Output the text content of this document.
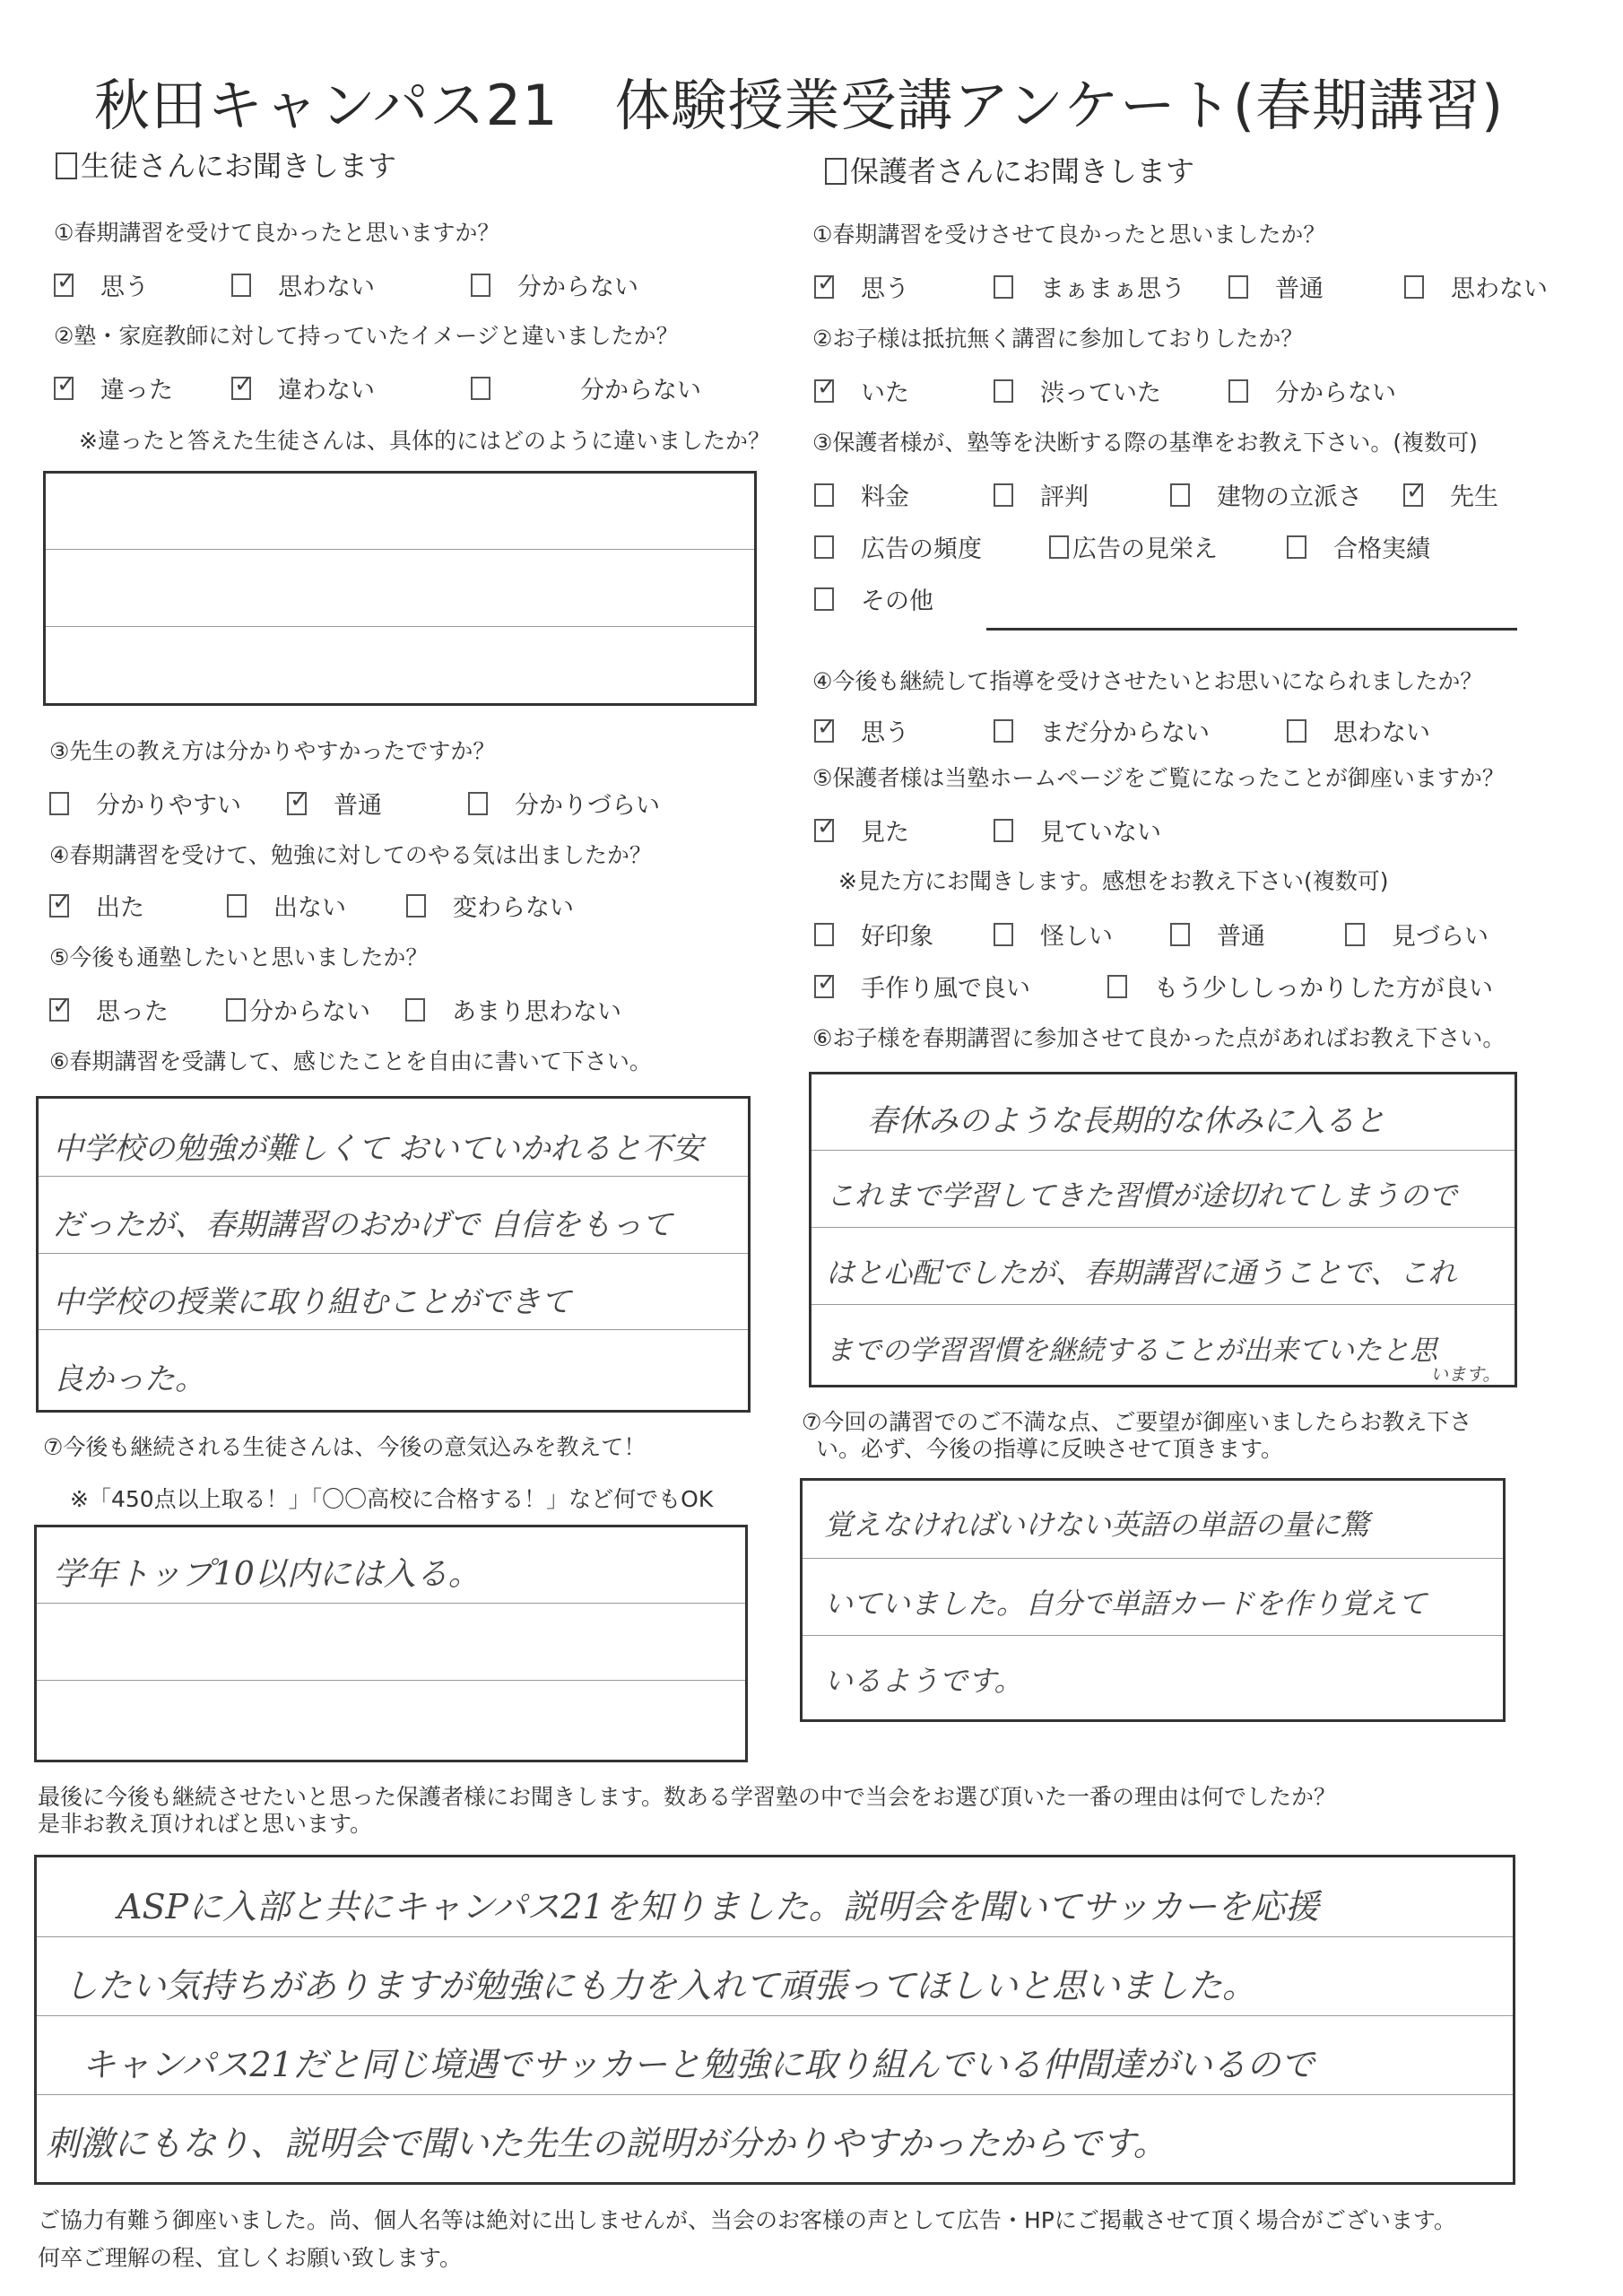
秋田キャンパス21　体験授業受講アンケート(春期講習)
生徒さんにお聞きします	保護者さんにお聞きします
①春期講習を受けて良かったと思いますか？
✓
思う	思わない	分からない
②塾・家庭教師に対して持っていたイメージと違いましたか？
✓
違った ✓	違わない	分からない
※違ったと答えた生徒さんは、具体的にはどのように違いましたか？
③先生の教え方は分かりやすかったですか？
分かりやすい ✓	普通	分かりづらい
④春期講習を受けて、勉強に対してのやる気は出ましたか？
✓
出た	出ない	変わらない
⑤今後も通塾したいと思いましたか？
✓
思った	分からない	あまり思わない
⑥春期講習を受講して、感じたことを自由に書いて下さい。
中学校の勉強が難しくて おいていかれると不安
だったが、春期講習のおかげで 自信をもって
中学校の授業に取り組むことができて
良かった。
⑦今後も継続される生徒さんは、今後の意気込みを教えて！
※「450点以上取る！」「〇〇高校に合格する！」など何でもOK
学年トップ10以内には入る。
①春期講習を受けさせて良かったと思いましたか？
✓
思う	まぁまぁ思う	普通	思わない
②お子様は抵抗無く講習に参加しておりしたか？
✓
いた	渋っていた	分からない
③保護者様が、塾等を決断する際の基準をお教え下さい。(複数可)
料金	評判	建物の立派さ ✓	先生
広告の頻度	広告の見栄え	合格実績
その他
④今後も継続して指導を受けさせたいとお思いになられましたか？
✓
思う	まだ分からない	思わない
⑤保護者様は当塾ホームページをご覧になったことが御座いますか？
✓
見た	見ていない
※見た方にお聞きします。感想をお教え下さい(複数可)
好印象	怪しい	普通	見づらい
✓
手作り風で良い	もう少ししっかりした方が良い
⑥お子様を春期講習に参加させて良かった点があればお教え下さい。
春休みのような長期的な休みに入ると
これまで学習してきた習慣が途切れてしまうので
はと心配でしたが、春期講習に通うことで、これ
までの学習習慣を継続することが出来ていたと思
います。
⑦今回の講習でのご不満な点、ご要望が御座いましたらお教え下さ
い。必ず、今後の指導に反映させて頂きます。
覚えなければいけない英語の単語の量に驚
いていました。自分で単語カードを作り覚えて
いるようです。
最後に今後も継続させたいと思った保護者様にお聞きします。数ある学習塾の中で当会をお選び頂いた一番の理由は何でしたか？
是非お教え頂ければと思います。
ASPに入部と共にキャンパス21を知りました。説明会を聞いてサッカーを応援
したい気持ちがありますが勉強にも力を入れて頑張ってほしいと思いました。
キャンパス21だと同じ境遇でサッカーと勉強に取り組んでいる仲間達がいるので
刺激にもなり、説明会で聞いた先生の説明が分かりやすかったからです。
ご協力有難う御座いました。尚、個人名等は絶対に出しませんが、当会のお客様の声として広告・HPにご掲載させて頂く場合がございます。
何卒ご理解の程、宜しくお願い致します。
